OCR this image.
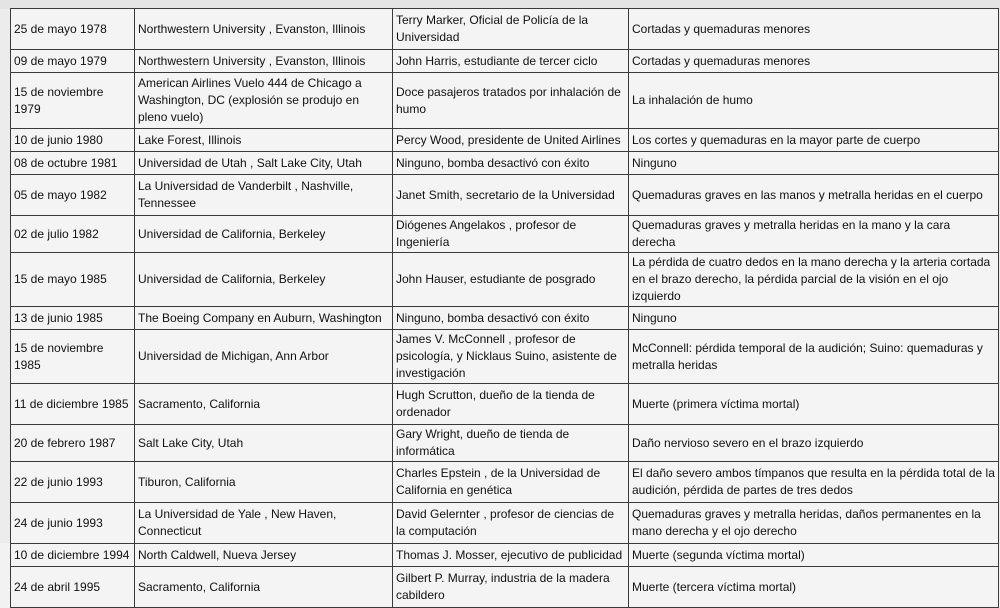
25 de mayo 1978	Northwestern University , Evanston, Illinois	Terry Marker, Oficial de Policía de la Universidad	Cortadas y quemaduras menores
09 de mayo 1979	Northwestern University , Evanston, Illinois	John Harris, estudiante de tercer ciclo	Cortadas y quemaduras menores
15 de noviembre 1979	American Airlines Vuelo 444 de Chicago a Washington, DC (explosión se produjo en pleno vuelo)	Doce pasajeros tratados por inhalación de humo	La inhalación de humo
10 de junio 1980	Lake Forest, Illinois	Percy Wood, presidente de United Airlines	Los cortes y quemaduras en la mayor parte de cuerpo
08 de octubre 1981	Universidad de Utah , Salt Lake City, Utah	Ninguno, bomba desactivó con éxito	Ninguno
05 de mayo 1982	La Universidad de Vanderbilt , Nashville, Tennessee	Janet Smith, secretario de la Universidad	Quemaduras graves en las manos y metralla heridas en el cuerpo
02 de julio 1982	Universidad de California, Berkeley	Diógenes Angelakos , profesor de Ingeniería	Quemaduras graves y metralla heridas en la mano y la cara derecha
15 de mayo 1985	Universidad de California, Berkeley	John Hauser, estudiante de posgrado	La pérdida de cuatro dedos en la mano derecha y la arteria cortada en el brazo derecho, la pérdida parcial de la visión en el ojo izquierdo
13 de junio 1985	The Boeing Company en Auburn, Washington	Ninguno, bomba desactivó con éxito	Ninguno
15 de noviembre 1985	Universidad de Michigan, Ann Arbor	James V. McConnell , profesor de psicología, y Nicklaus Suino, asistente de investigación	McConnell: pérdida temporal de la audición; Suino: quemaduras y metralla heridas
11 de diciembre 1985	Sacramento, California	Hugh Scrutton, dueño de la tienda de ordenador	Muerte (primera víctima mortal)
20 de febrero 1987	Salt Lake City, Utah	Gary Wright, dueño de tienda de informática	Daño nervioso severo en el brazo izquierdo
22 de junio 1993	Tiburon, California	Charles Epstein , de la Universidad de California en genética	El daño severo ambos tímpanos que resulta en la pérdida total de la audición, pérdida de partes de tres dedos
24 de junio 1993	La Universidad de Yale , New Haven, Connecticut	David Gelernter , profesor de ciencias de la computación	Quemaduras graves y metralla heridas, daños permanentes en la mano derecha y el ojo derecho
10 de diciembre 1994	North Caldwell, Nueva Jersey	Thomas J. Mosser, ejecutivo de publicidad	Muerte (segunda víctima mortal)
24 de abril 1995	Sacramento, California	Gilbert P. Murray, industria de la madera cabildero	Muerte (tercera víctima mortal)
